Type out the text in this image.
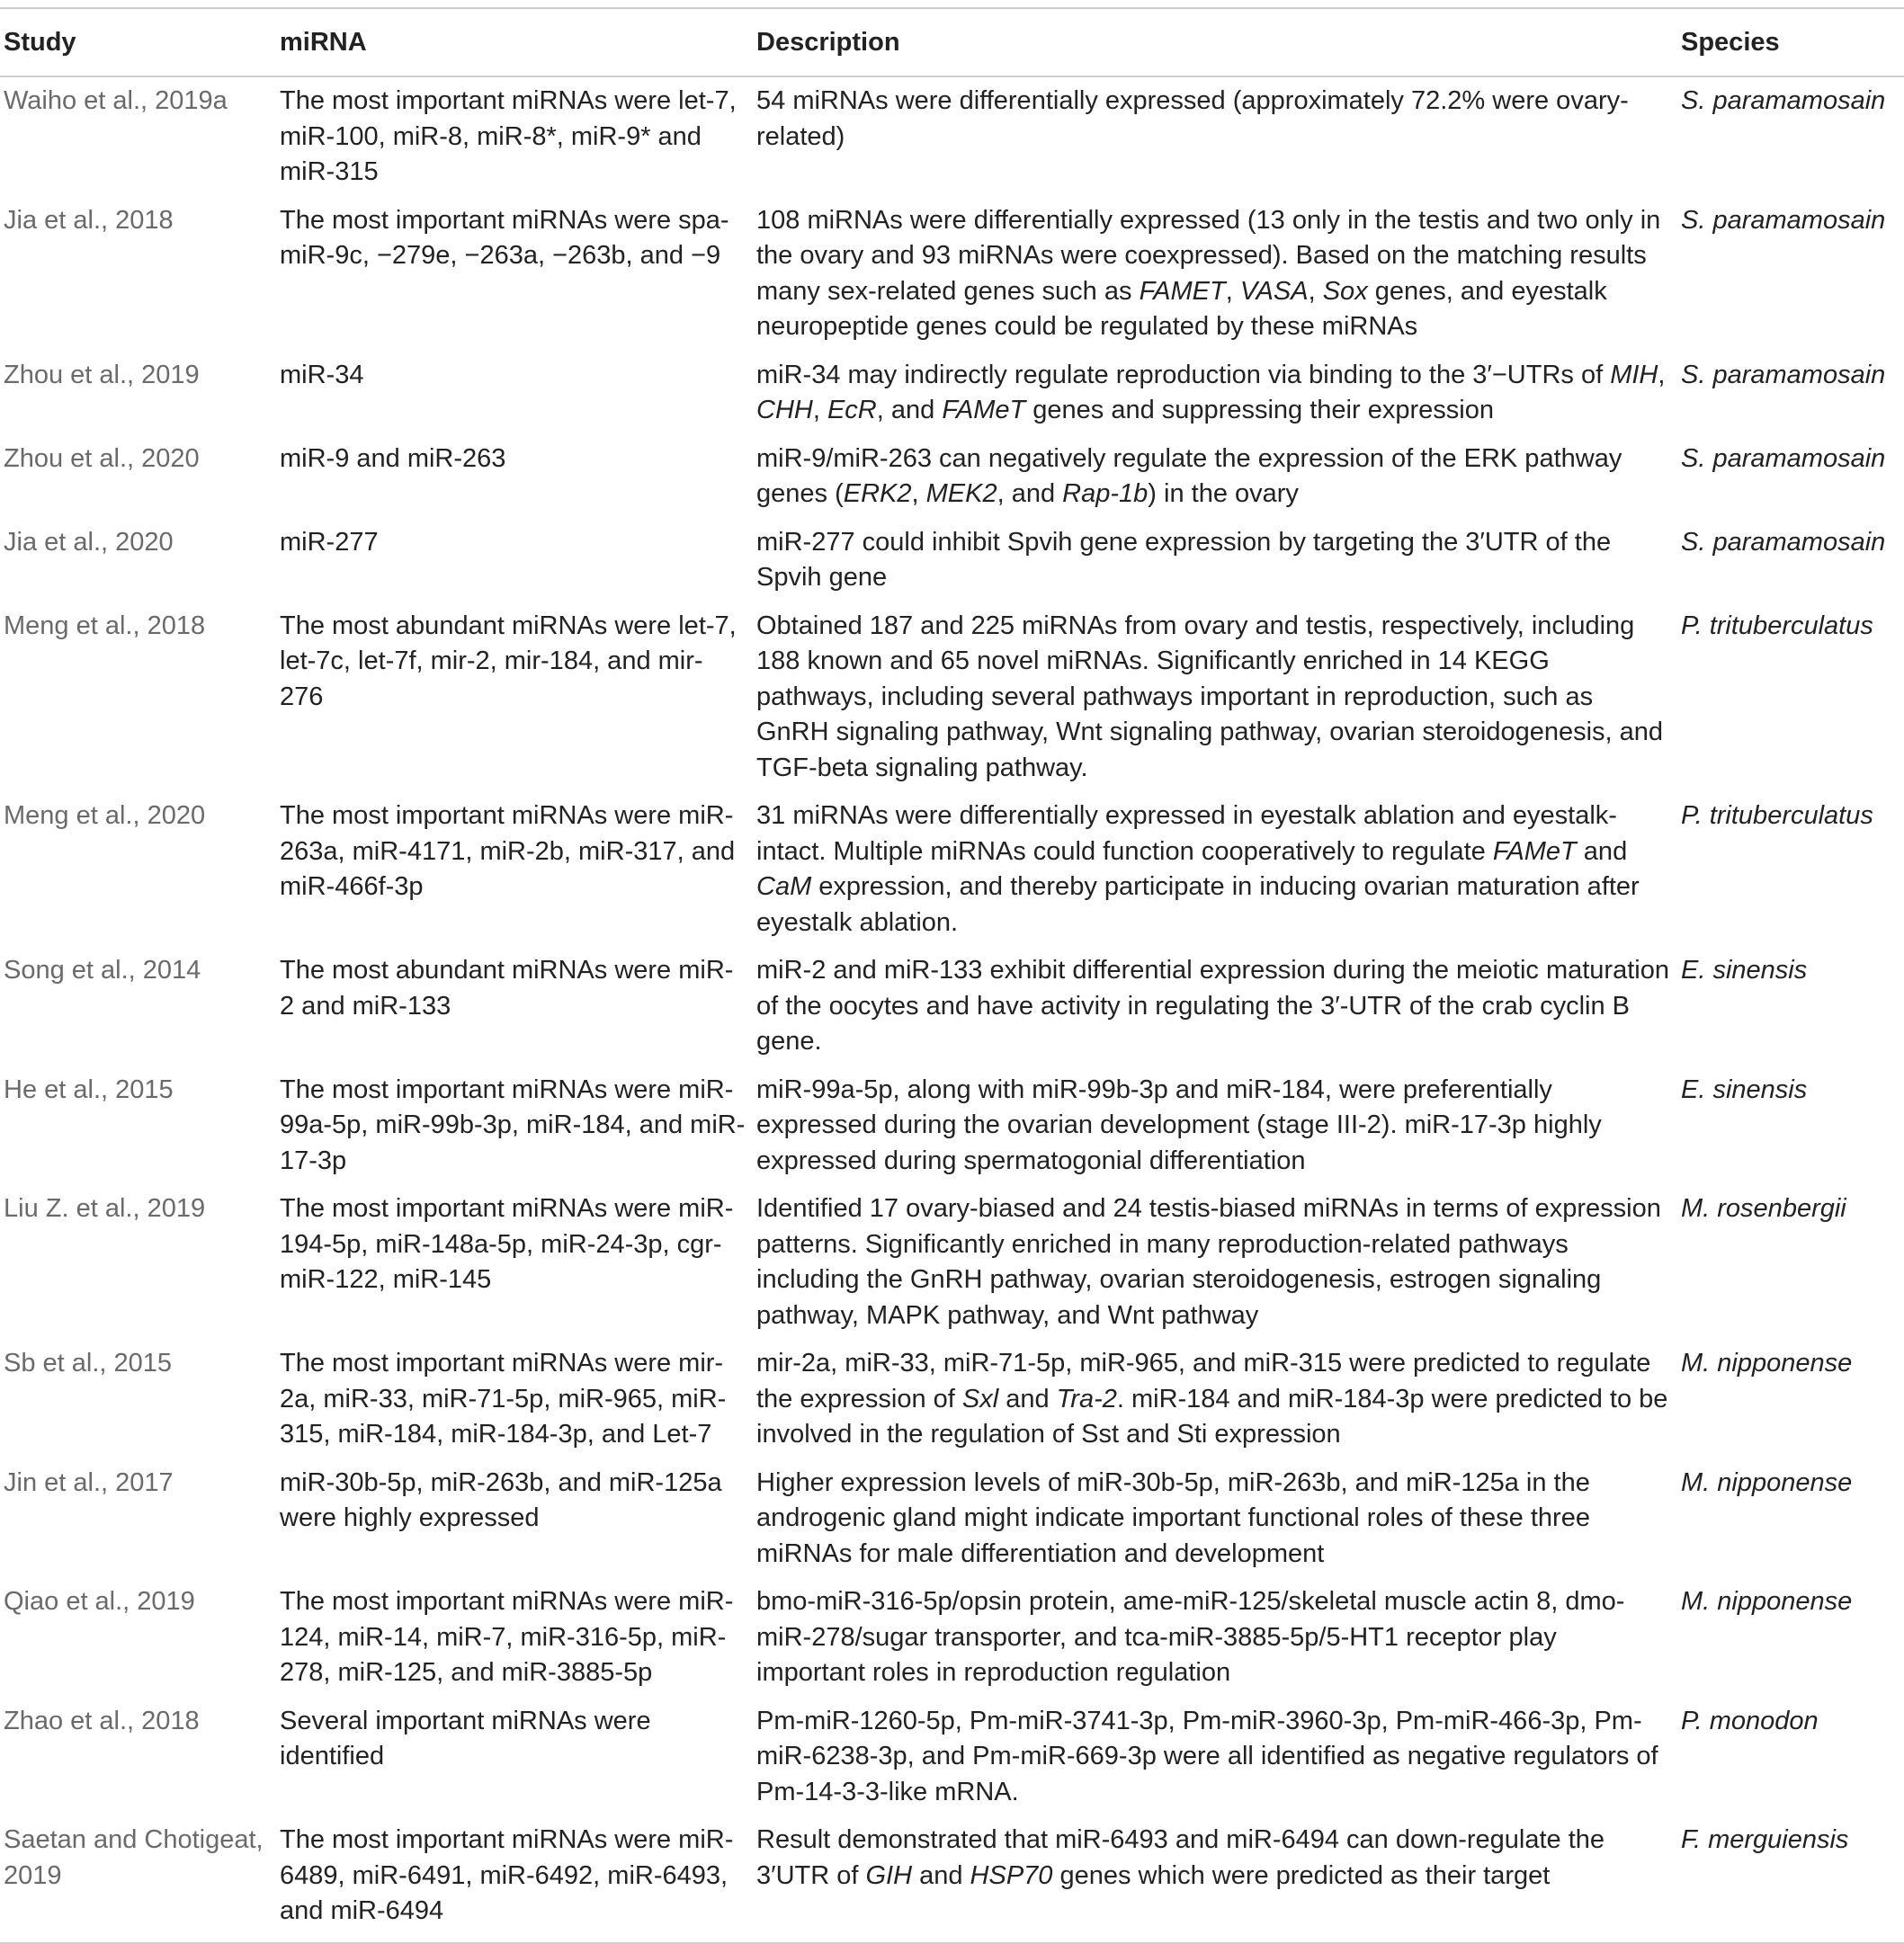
Study	miRNA	Description	Species
Waiho et al., 2019a	The most important miRNAs were let-7, miR-100, miR-8, miR-8*, miR-9* and miR-315	54 miRNAs were differentially expressed (approximately 72.2% were ovary-related)	S. paramamosain
Jia et al., 2018	The most important miRNAs were spa-miR-9c, −279e, −263a, −263b, and −9	108 miRNAs were differentially expressed (13 only in the testis and two only in the ovary and 93 miRNAs were coexpressed). Based on the matching results many sex-related genes such as FAMET, VASA, Sox genes, and eyestalk neuropeptide genes could be regulated by these miRNAs	S. paramamosain
Zhou et al., 2019	miR-34	miR-34 may indirectly regulate reproduction via binding to the 3′−UTRs of MIH, CHH, EcR, and FAMeT genes and suppressing their expression	S. paramamosain
Zhou et al., 2020	miR-9 and miR-263	miR-9/miR-263 can negatively regulate the expression of the ERK pathway genes (ERK2, MEK2, and Rap-1b) in the ovary	S. paramamosain
Jia et al., 2020	miR-277	miR-277 could inhibit Spvih gene expression by targeting the 3′UTR of the Spvih gene	S. paramamosain
Meng et al., 2018	The most abundant miRNAs were let-7, let-7c, let-7f, mir-2, mir-184, and mir-276	Obtained 187 and 225 miRNAs from ovary and testis, respectively, including 188 known and 65 novel miRNAs. Significantly enriched in 14 KEGG pathways, including several pathways important in reproduction, such as GnRH signaling pathway, Wnt signaling pathway, ovarian steroidogenesis, and TGF-beta signaling pathway.	P. trituberculatus
Meng et al., 2020	The most important miRNAs were miR-263a, miR-4171, miR-2b, miR-317, and miR-466f-3p	31 miRNAs were differentially expressed in eyestalk ablation and eyestalk-intact. Multiple miRNAs could function cooperatively to regulate FAMeT and CaM expression, and thereby participate in inducing ovarian maturation after eyestalk ablation.	P. trituberculatus
Song et al., 2014	The most abundant miRNAs were miR-2 and miR-133	miR-2 and miR-133 exhibit differential expression during the meiotic maturation of the oocytes and have activity in regulating the 3′-UTR of the crab cyclin B gene.	E. sinensis
He et al., 2015	The most important miRNAs were miR-99a-5p, miR-99b-3p, miR-184, and miR-17-3p	miR-99a-5p, along with miR-99b-3p and miR-184, were preferentially expressed during the ovarian development (stage III-2). miR-17-3p highly expressed during spermatogonial differentiation	E. sinensis
Liu Z. et al., 2019	The most important miRNAs were miR-194-5p, miR-148a-5p, miR-24-3p, cgr-miR-122, miR-145	Identified 17 ovary-biased and 24 testis-biased miRNAs in terms of expression patterns. Significantly enriched in many reproduction-related pathways including the GnRH pathway, ovarian steroidogenesis, estrogen signaling pathway, MAPK pathway, and Wnt pathway	M. rosenbergii
Sb et al., 2015	The most important miRNAs were mir-2a, miR-33, miR-71-5p, miR-965, miR-315, miR-184, miR-184-3p, and Let-7	mir-2a, miR-33, miR-71-5p, miR-965, and miR-315 were predicted to regulate the expression of Sxl and Tra-2. miR-184 and miR-184-3p were predicted to be involved in the regulation of Sst and Sti expression	M. nipponense
Jin et al., 2017	miR-30b-5p, miR-263b, and miR-125a were highly expressed	Higher expression levels of miR-30b-5p, miR-263b, and miR-125a in the androgenic gland might indicate important functional roles of these three miRNAs for male differentiation and development	M. nipponense
Qiao et al., 2019	The most important miRNAs were miR-124, miR-14, miR-7, miR-316-5p, miR-278, miR-125, and miR-3885-5p	bmo-miR-316-5p/opsin protein, ame-miR-125/skeletal muscle actin 8, dmo-miR-278/sugar transporter, and tca-miR-3885-5p/5-HT1 receptor play important roles in reproduction regulation	M. nipponense
Zhao et al., 2018	Several important miRNAs were identified	Pm-miR-1260-5p, Pm-miR-3741-3p, Pm-miR-3960-3p, Pm-miR-466-3p, Pm-miR-6238-3p, and Pm-miR-669-3p were all identified as negative regulators of Pm-14-3-3-like mRNA.	P. monodon
Saetan and Chotigeat, 2019	The most important miRNAs were miR-6489, miR-6491, miR-6492, miR-6493, and miR-6494	Result demonstrated that miR-6493 and miR-6494 can down-regulate the 3′UTR of GIH and HSP70 genes which were predicted as their target	F. merguiensis
